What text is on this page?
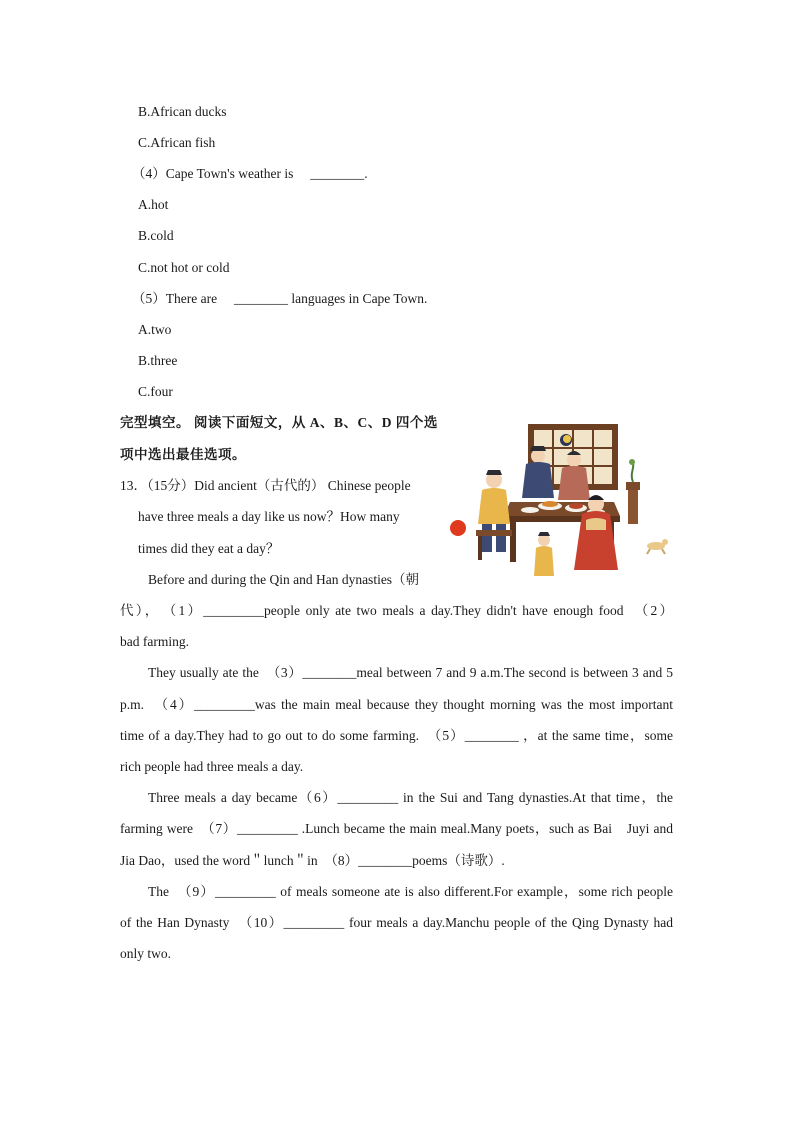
B.African ducks
C.African fish
（4）Cape Town's weather is　 ________.
A.hot
B.cold
C.not hot or cold
（5）There are　 ________ languages in Cape Town.
A.two
B.three
C.four
完型填空。 阅读下面短文，从 A、B、C、D 四个选
项中选出最佳选项。
13．（15分）Did ancient（古代的） Chinese people
have three meals a day like us now？How many
times did they eat a day？
Before and during the Qin and Han dynasties（朝
代），　（1）_________people only ate two meals a day.They didn't have enough food　（2）
bad farming.
They usually ate the　（3）________meal between 7 and 9 a.m.The second is between 3 and 5
p.m.　（4）_________was the main meal because they thought morning was the most important
time of a day.They had to go out to do some farming.　（5）________ ，at the same time，some
rich people had three meals a day.
Three meals a day became（6）_________ in the Sui and Tang dynasties.At that time，the
farming were　（7）_________ .Lunch became the main meal.Many poets，such as Bai　Juyi and
Jia Dao，used the word＂lunch＂in　（8）________poems（诗歌）.
The　（9）_________ of meals someone ate is also different.For example，some rich people
of the Han Dynasty　（10）_________ four meals a day.Manchu people of the Qing Dynasty had
only two.
